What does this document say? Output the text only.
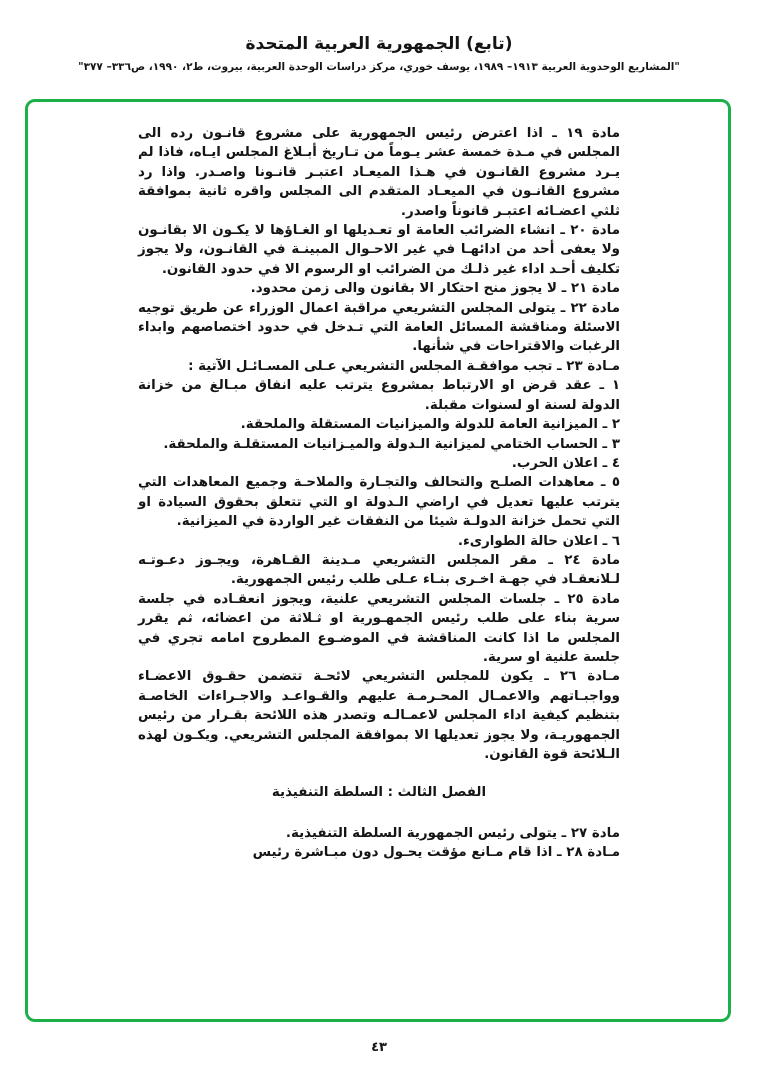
(تابع) الجمهورية العربية المتحدة
"المشاريع الوحدوية العربية ١٩١٣– ١٩٨٩، يوسف خوري، مركز دراسات الوحدة العربية، بيروت، ط٢، ١٩٩٠، ص٣٣٦– ٣٧٧"

مادة ١٩ ـ اذا اعترض رئيس الجمهورية على مشروع قانـون رده الى المجلس في مـدة خمسة عشر يـوماً من تـاريخ أبـلاغ المجلس ايـاه، فاذا لم يـرد مشروع القانـون في هـذا الميعـاد اعتبـر قانـونا واصـدر. واذا رد مشروع القانـون في الميعـاد المتقدم الى المجلس واقره ثانية بموافقة ثلثي اعضـائه اعتبـر قانوناً واصدر.

مادة ٢٠ ـ انشاء الضرائب العامة او تعـديلها او الغـاؤها لا يكـون الا بقانـون ولا يعفى أحد من ادائهـا في غير الاحـوال المبينـة في القانـون، ولا يجوز تكليف أحـد اداء غير ذلـك من الضرائب او الرسوم الا في حدود القانون.

مادة ٢١ ـ لا يجوز منح احتكار الا بقانون والى زمن محدود.

مادة ٢٢ ـ يتولى المجلس التشريعي مراقبة اعمال الوزراء عن طريق توجيه الاسئلة ومناقشة المسائل العامة التي تـدخل في حدود اختصاصهم وابداء الرغبات والاقتراحات في شأنها.

مـادة ٢٣ ـ تجب موافقـة المجلس التشريعي عـلى المسـائـل الآتية :

١ ـ عقد قرض او الارتباط بمشروع يترتب عليه انفاق مبـالغ من خزانة الدولة لسنة او لسنوات مقبلة.

٢ ـ الميزانية العامة للدولة والميزانيات المستقلة والملحقة.

٣ ـ الحساب الختامي لميزانية الـدولة والميـزانيات المستقلـة والملحقة.

٤ ـ اعلان الحرب.

٥ ـ معاهدات الصلـح والتحالف والتجـارة والملاحـة وجميع المعاهدات التي يترتب عليها تعديل في اراضي الـدولة او التي تتعلق بحقوق السيادة او التي تحمل خزانة الدولـة شيئا من النفقات غير الواردة في الميزانية.

٦ ـ اعلان حالة الطوارىء.

مادة ٢٤ ـ مقر المجلس التشريعي مـدينة القـاهرة، ويجـوز دعـوتـه لـلانعقـاد في جهـة اخـرى بنـاء عـلى طلب رئيس الجمهورية.

مادة ٢٥ ـ جلسات المجلس التشريعي علنية، ويجوز انعقـاده في جلسة سرية بناء على طلب رئيس الجمهـورية او ثـلاثة من اعضائه، ثم يقرر المجلس ما اذا كانت المناقشة في الموضـوع المطروح امامه تجري في جلسة علنية او سرية.

مـادة ٢٦ ـ يكون للمجلس التشريعي لائحـة تتضمن حقـوق الاعضـاء وواجبـاتهم والاعمـال المحـرمـة عليهم والقـواعـد والاجـراءات الخاصـة بتنظيم كيفية اداء المجلس لاعمـالـه وتصدر هذه اللائحة بقـرار من رئيس الجمهوريـة، ولا يجوز تعديلها الا بموافقة المجلس التشريعي. ويكـون لهذه الـلائحة قوة القانون.

الفصل الثالث : السلطة التنفيذية

مادة ٢٧ ـ يتولى رئيس الجمهورية السلطة التنفيذية.

مـادة ٢٨ ـ اذا قام مـانع مؤقت يحـول دون مبـاشرة رئيس

٤٣
